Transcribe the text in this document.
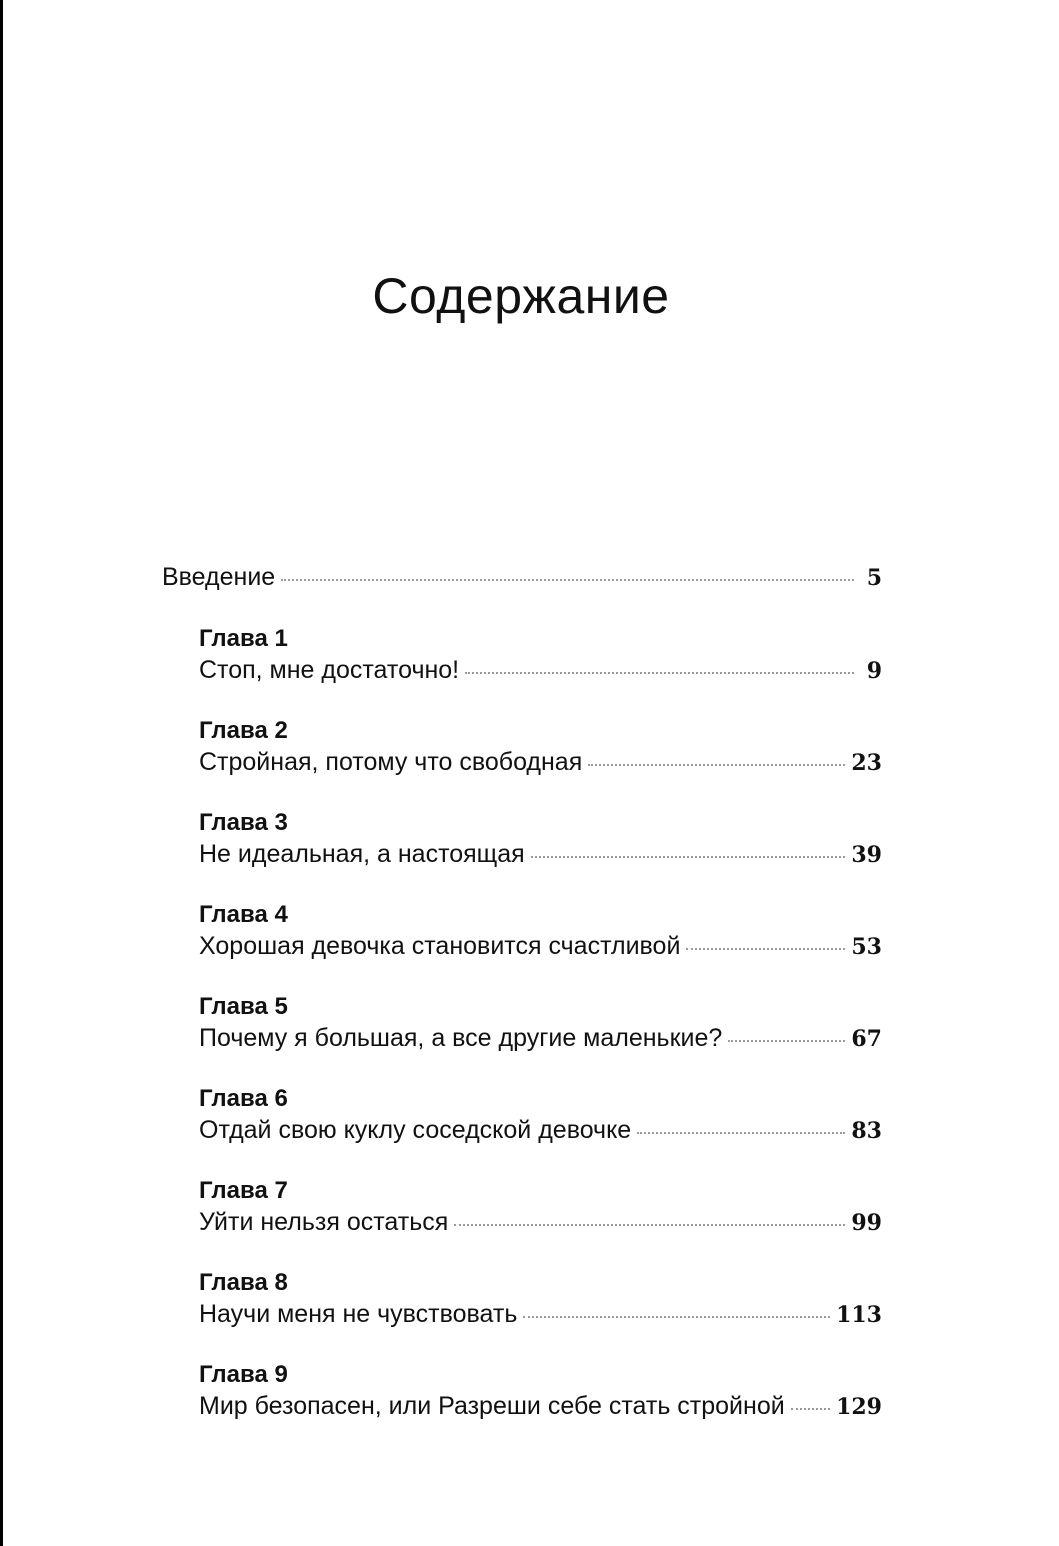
Содержание
Введение	5
Глава 1
Стоп, мне достаточно!	9
Глава 2
Стройная, потому что свободная	23
Глава 3
Не идеальная, а настоящая	39
Глава 4
Хорошая девочка становится счастливой	53
Глава 5
Почему я большая, а все другие маленькие?	67
Глава 6
Отдай свою куклу соседской девочке	83
Глава 7
Уйти нельзя остаться	99
Глава 8
Научи меня не чувствовать	113
Глава 9
Мир безопасен, или Разреши себе стать стройной 129
